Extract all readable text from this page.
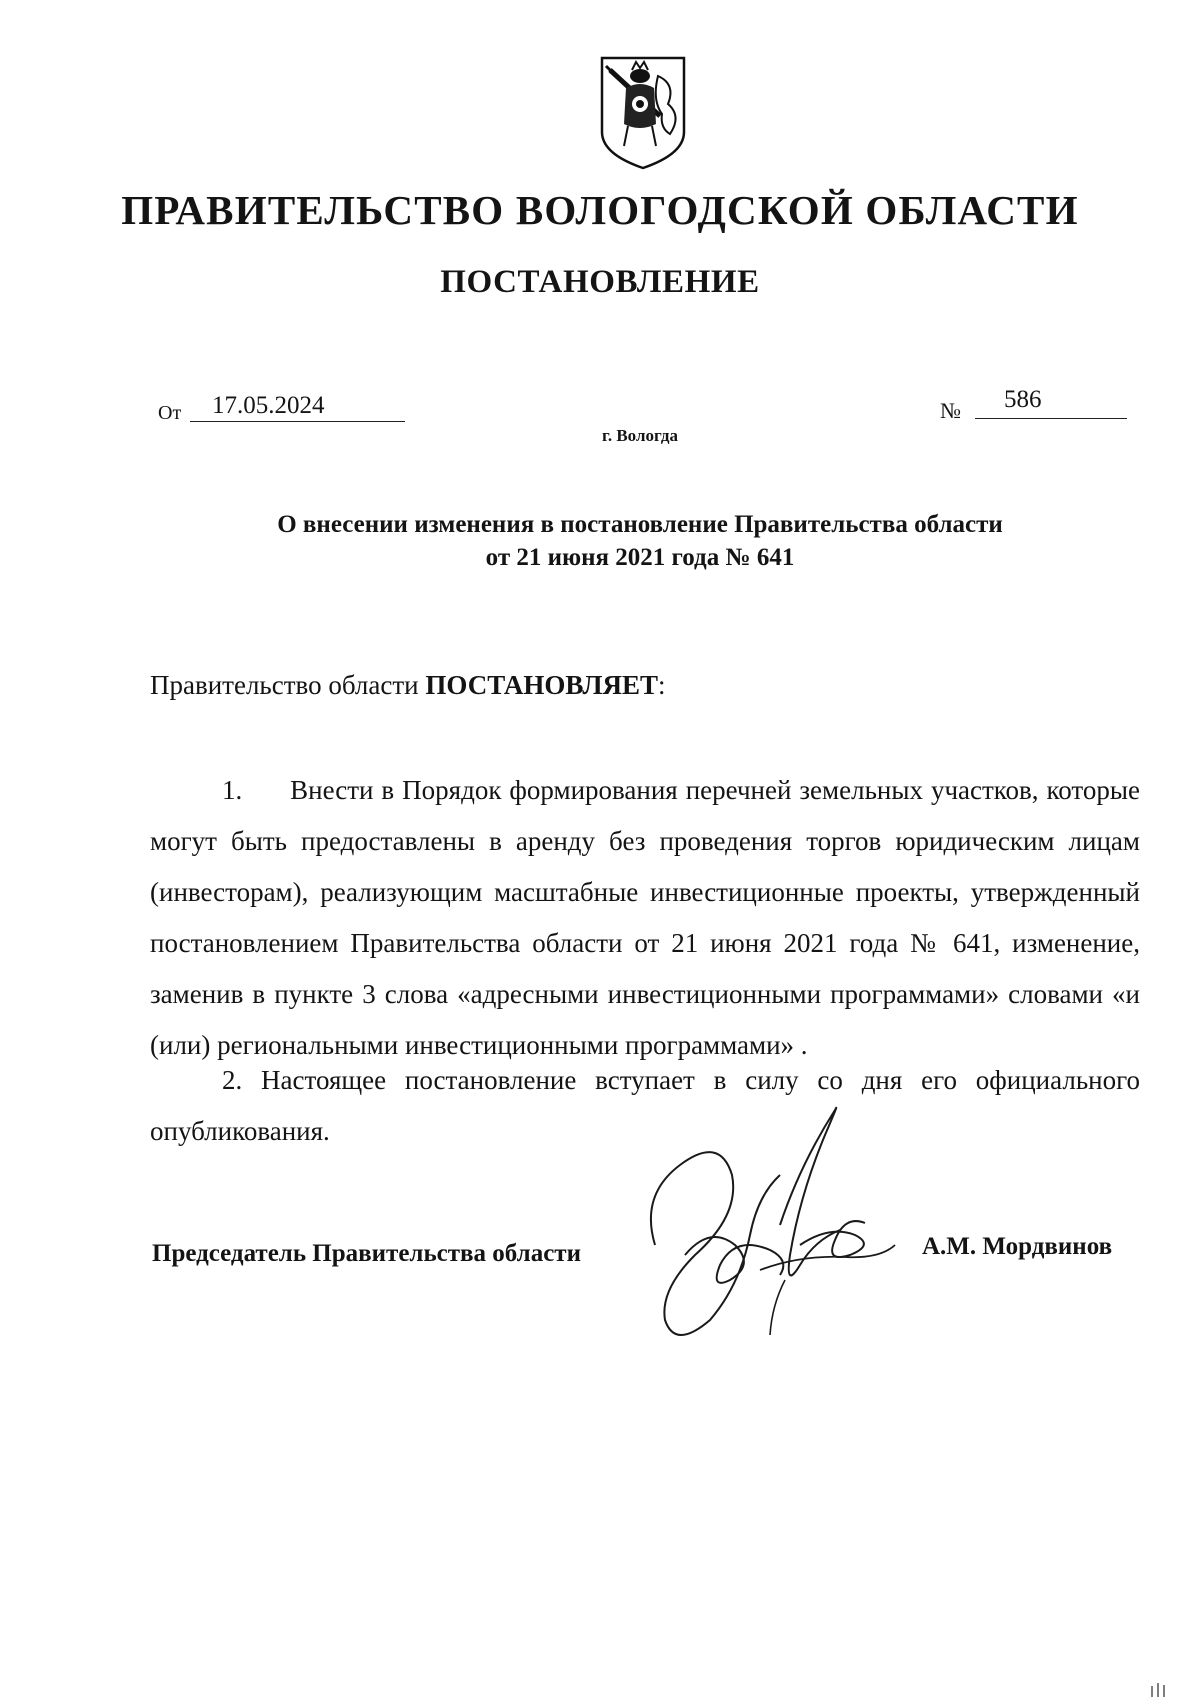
ПРАВИТЕЛЬСТВО ВОЛОГОДСКОЙ ОБЛАСТИ
ПОСТАНОВЛЕНИЕ
От 17.05.2024	№ 586
г. Вологда
О внесении изменения в постановление Правительства области
от 21 июня 2021 года № 641
Правительство области ПОСТАНОВЛЯЕТ:
1.      Внести в Порядок формирования перечней земельных участков, которые могут быть предоставлены в аренду без проведения торгов юридическим лицам (инвесторам), реализующим масштабные инвестиционные проекты, утвержденный постановлением Правительства области от 21 июня 2021 года № 641, изменение, заменив в пункте 3 слова «адресными инвестиционными программами» словами «и (или) региональными инвестиционными программами» .
2. Настоящее постановление вступает в силу со дня его официального опубликования.
Председатель Правительства области	А.М. Мордвинов
